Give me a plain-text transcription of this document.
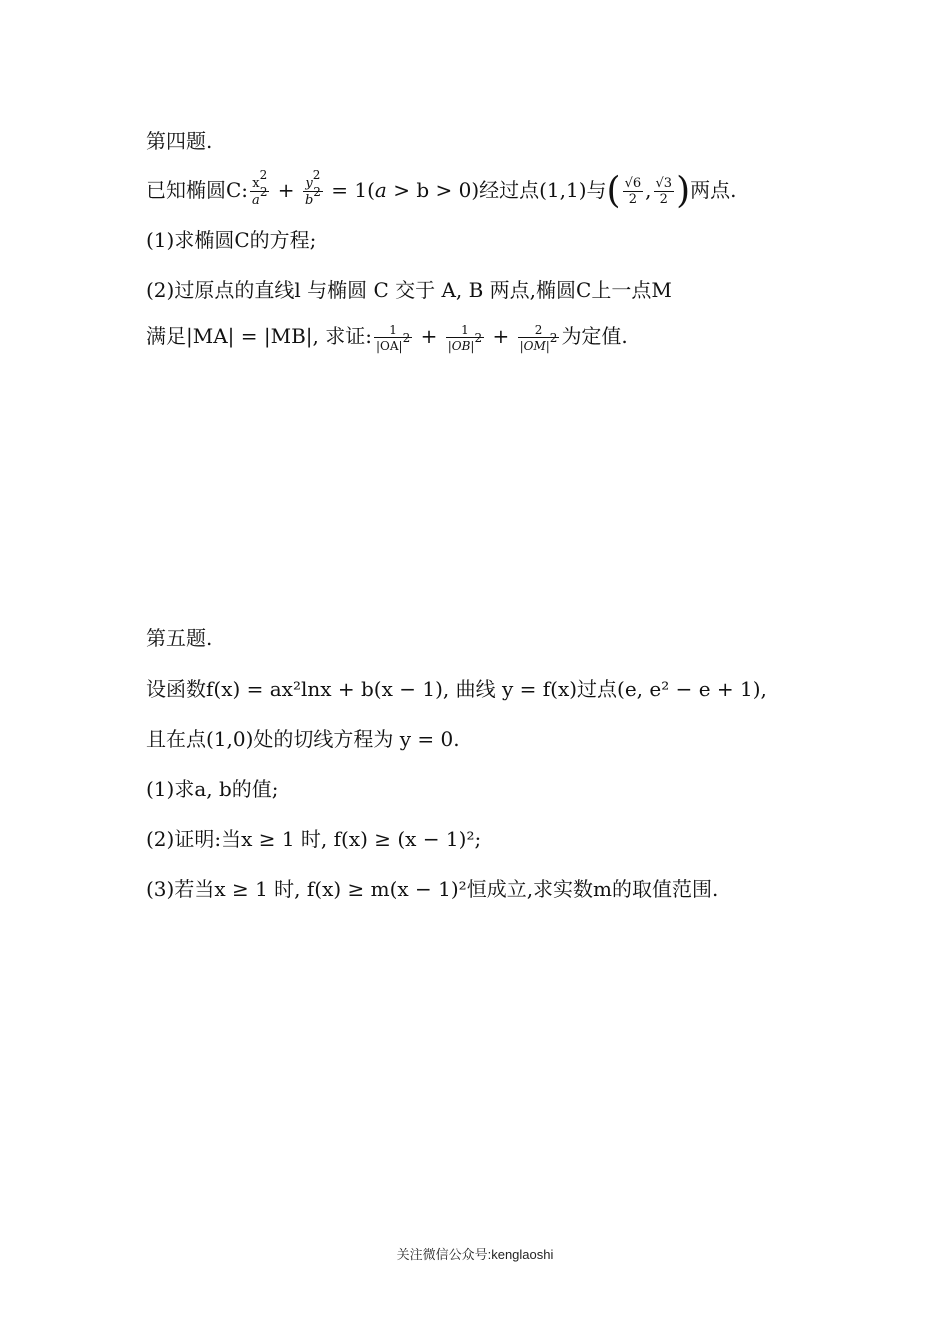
第四题.
已知椭圆C: $\frac{x^2}{a^2} + \frac{y^2}{b^2} = 1(a > b > 0)$经过点(1,1)与( $\frac{√6}{2}$ , $\frac{√3}{2}$ )两点.
(1)求椭圆C的方程;
(2)过原点的直线l 与椭圆 C 交于 A, B 两点,椭圆C上一点M
满足|MA| = |MB|, 求证: $\frac{1}{|OA|^2} + \frac{1}{|OB|^2} + \frac{2}{|OM|^2}$ 为定值.
第五题.
设函数f(x) = ax²lnx + b(x − 1), 曲线 y = f(x)过点(e, e² − e + 1),
且在点(1,0)处的切线方程为 y = 0.
(1)求a, b的值;
(2)证明:当x ≥ 1 时, f(x) ≥ (x − 1)²;
(3)若当x ≥ 1 时, f(x) ≥ m(x − 1)²恒成立,求实数m的取值范围.
关注微信公众号:kenglaoshi
